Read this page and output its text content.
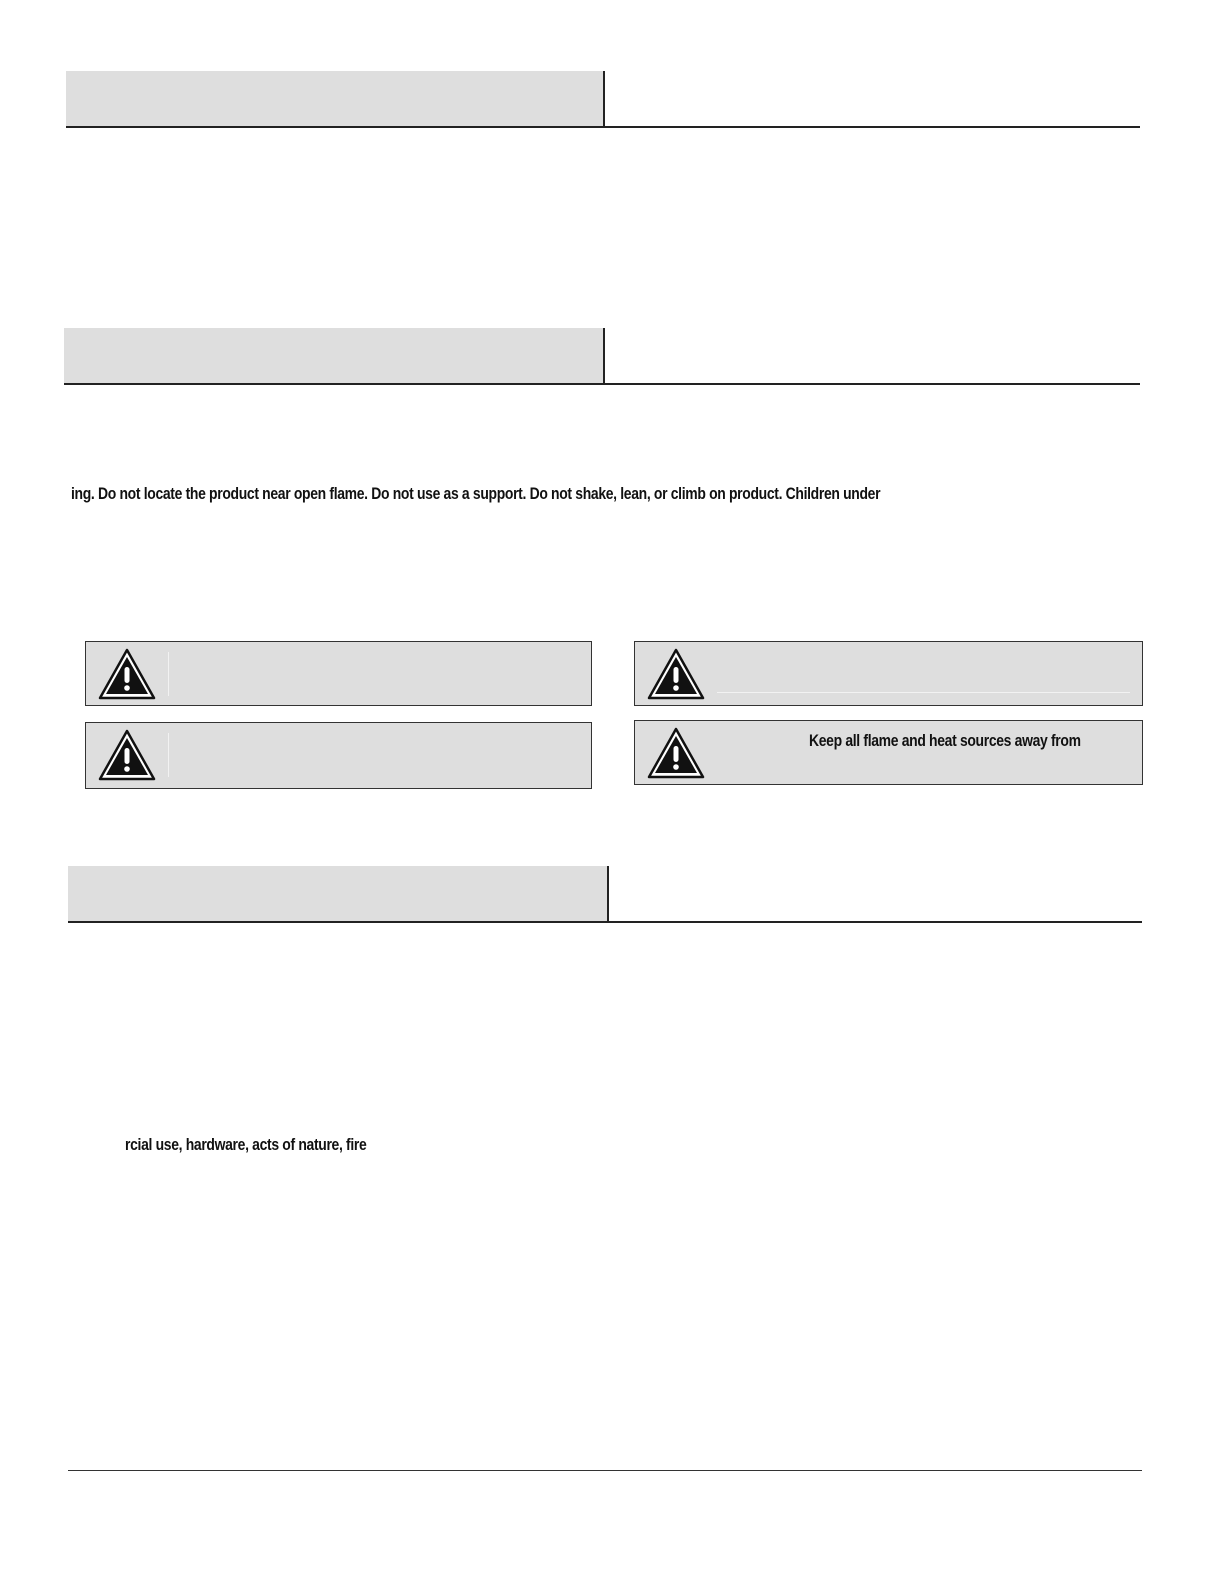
ing. Do not locate the product near open flame. Do not use as a support. Do not shake, lean, or climb on product. Children under
Keep all flame and heat sources away from
rcial use, hardware, acts of nature, fire
